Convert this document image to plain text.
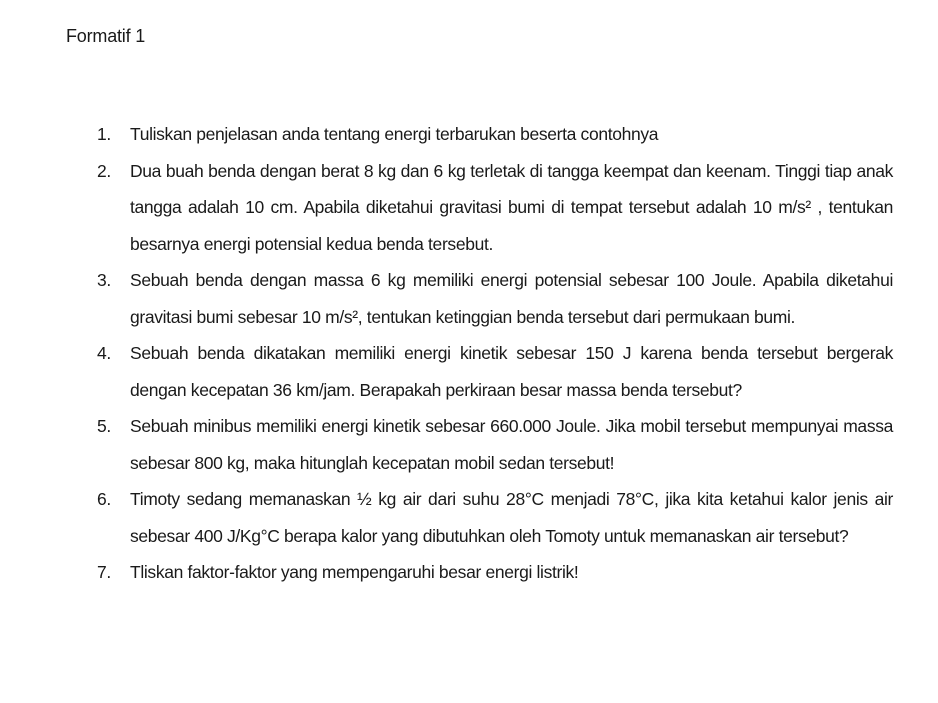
Formatif 1
1. Tuliskan penjelasan anda tentang energi terbarukan beserta contohnya
2. Dua buah benda dengan berat 8 kg dan 6 kg terletak di tangga keempat dan keenam. Tinggi tiap anak tangga adalah 10 cm. Apabila diketahui gravitasi bumi di tempat tersebut adalah 10 m/s² , tentukan besarnya energi potensial kedua benda tersebut.
3. Sebuah benda dengan massa 6 kg memiliki energi potensial sebesar 100 Joule. Apabila diketahui gravitasi bumi sebesar 10 m/s², tentukan ketinggian benda tersebut dari permukaan bumi.
4. Sebuah benda dikatakan memiliki energi kinetik sebesar 150 J karena benda tersebut bergerak dengan kecepatan 36 km/jam. Berapakah perkiraan besar massa benda tersebut?
5. Sebuah minibus memiliki energi kinetik sebesar 660.000 Joule. Jika mobil tersebut mempunyai massa sebesar 800 kg, maka hitunglah kecepatan mobil sedan tersebut!
6. Timoty sedang memanaskan ½ kg air dari suhu 28°C menjadi 78°C, jika kita ketahui kalor jenis air sebesar 400 J/Kg°C berapa kalor yang dibutuhkan oleh Tomoty untuk memanaskan air tersebut?
7. Tliskan faktor-faktor yang mempengaruhi besar energi listrik!
